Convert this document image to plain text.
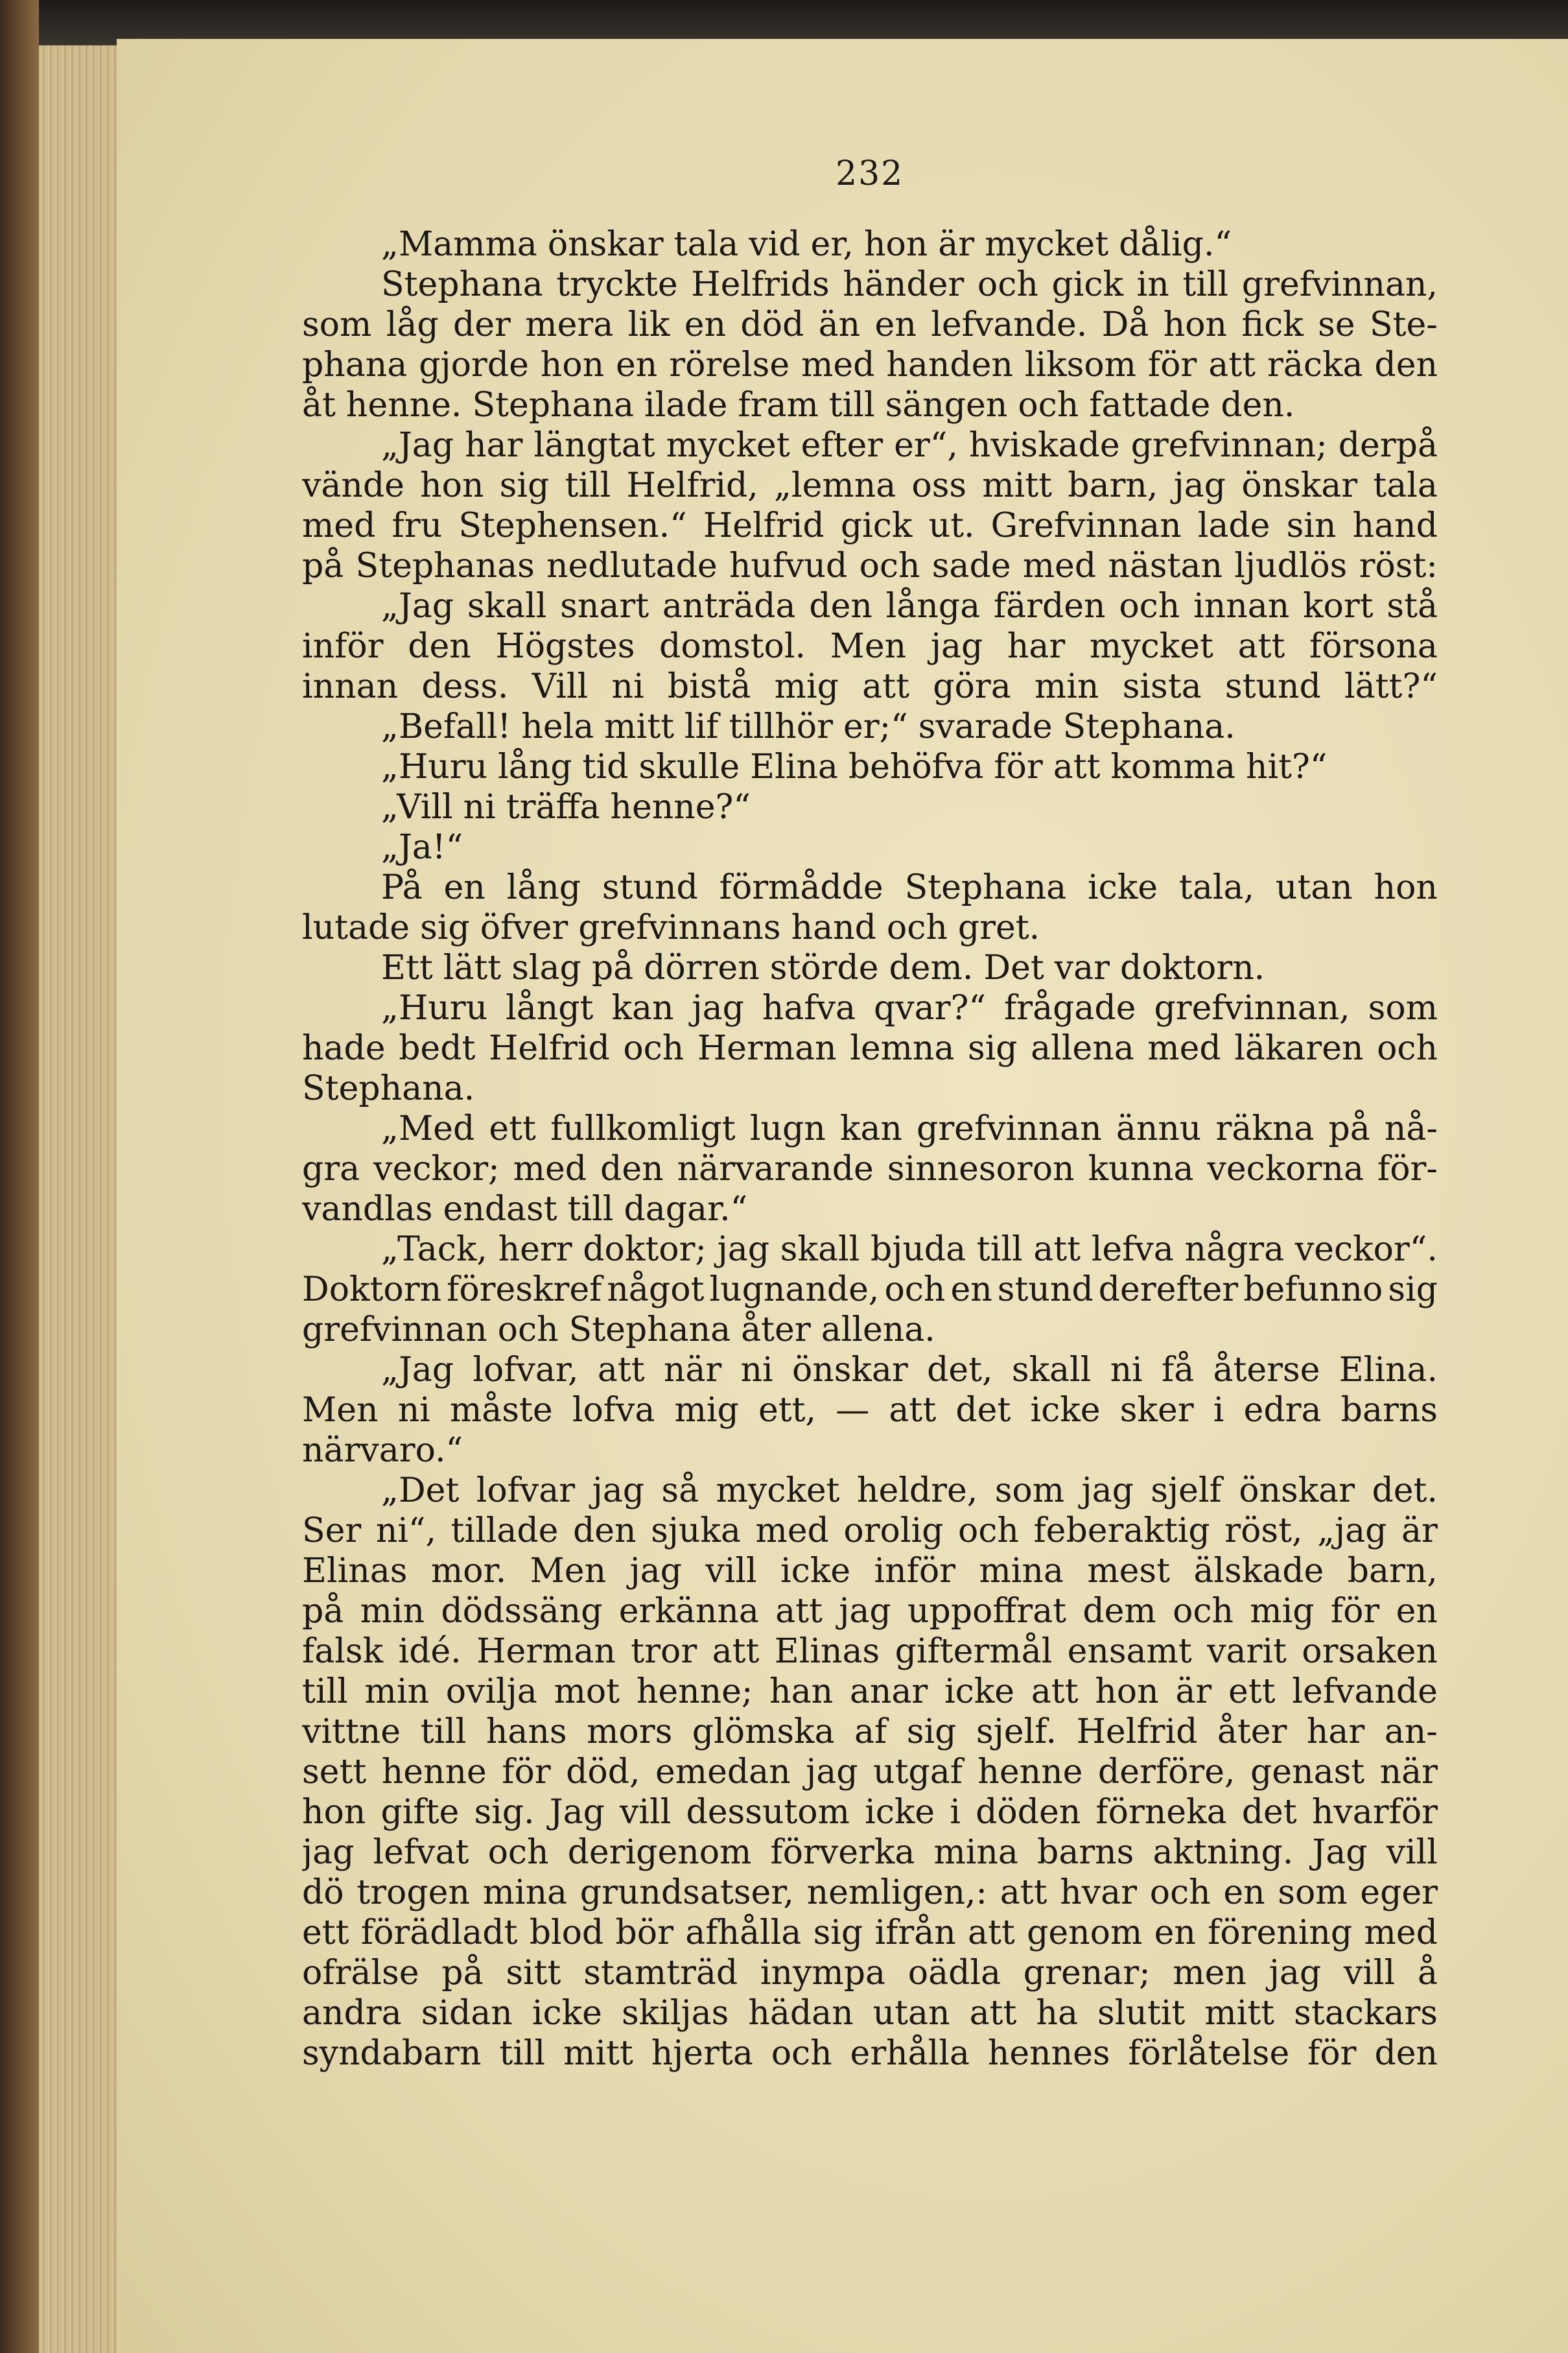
232
„Mamma önskar tala vid er, hon är mycket dålig.“
Stephana tryckte Helfrids händer och gick in till grefvinnan,
som låg der mera lik en död än en lefvande. Då hon fick se Ste-
phana gjorde hon en rörelse med handen liksom för att räcka den
åt henne. Stephana ilade fram till sängen och fattade den.
„Jag har längtat mycket efter er“, hviskade grefvinnan; derpå
vände hon sig till Helfrid, „lemna oss mitt barn, jag önskar tala
med fru Stephensen.“ Helfrid gick ut. Grefvinnan lade sin hand
på Stephanas nedlutade hufvud och sade med nästan ljudlös röst:
„Jag skall snart anträda den långa färden och innan kort stå
inför den Högstes domstol. Men jag har mycket att försona
innan dess. Vill ni bistå mig att göra min sista stund lätt?“
„Befall! hela mitt lif tillhör er;“ svarade Stephana.
„Huru lång tid skulle Elina behöfva för att komma hit?“
„Vill ni träffa henne?“
„Ja!“
På en lång stund förmådde Stephana icke tala, utan hon
lutade sig öfver grefvinnans hand och gret.
Ett lätt slag på dörren störde dem. Det var doktorn.
„Huru långt kan jag hafva qvar?“ frågade grefvinnan, som
hade bedt Helfrid och Herman lemna sig allena med läkaren och
Stephana.
„Med ett fullkomligt lugn kan grefvinnan ännu räkna på nå-
gra veckor; med den närvarande sinnesoron kunna veckorna för-
vandlas endast till dagar.“
„Tack, herr doktor; jag skall bjuda till att lefva några veckor“.
Doktorn föreskref något lugnande, och en stund derefter befunno sig
grefvinnan och Stephana åter allena.
„Jag lofvar, att när ni önskar det, skall ni få återse Elina.
Men ni måste lofva mig ett, — att det icke sker i edra barns
närvaro.“
„Det lofvar jag så mycket heldre, som jag sjelf önskar det.
Ser ni“, tillade den sjuka med orolig och feberaktig röst, „jag är
Elinas mor. Men jag vill icke inför mina mest älskade barn,
på min dödssäng erkänna att jag uppoffrat dem och mig för en
falsk idé. Herman tror att Elinas giftermål ensamt varit orsaken
till min ovilja mot henne; han anar icke att hon är ett lefvande
vittne till hans mors glömska af sig sjelf. Helfrid åter har an-
sett henne för död, emedan jag utgaf henne derföre, genast när
hon gifte sig. Jag vill dessutom icke i döden förneka det hvarför
jag lefvat och derigenom förverka mina barns aktning. Jag vill
dö trogen mina grundsatser, nemligen,: att hvar och en som eger
ett förädladt blod bör afhålla sig ifrån att genom en förening med
ofrälse på sitt stamträd inympa oädla grenar; men jag vill å
andra sidan icke skiljas hädan utan att ha slutit mitt stackars
syndabarn till mitt hjerta och erhålla hennes förlåtelse för den
